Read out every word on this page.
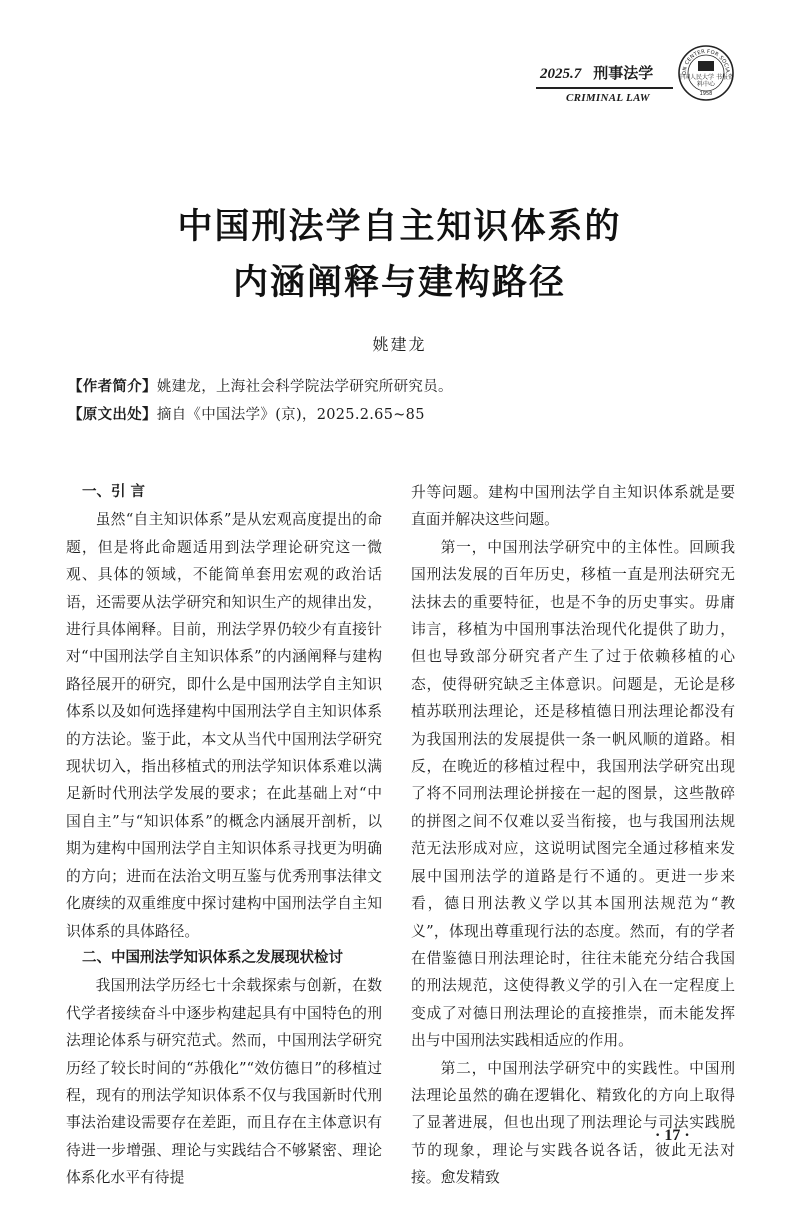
2025.7 刑事法学
CRIMINAL LAW
ON CENTER FOR SOCIA
1958
中国人民大学 书报资料中心
中国刑法学自主知识体系的
内涵阐释与建构路径
姚建龙
【作者简介】姚建龙，上海社会科学院法学研究所研究员。
【原文出处】摘自《中国法学》(京)，2025.2.65~85
一、引 言

虽然“自主知识体系”是从宏观高度提出的命题，但是将此命题适用到法学理论研究这一微观、具体的领域，不能简单套用宏观的政治话语，还需要从法学研究和知识生产的规律出发，进行具体阐释。目前，刑法学界仍较少有直接针对“中国刑法学自主知识体系”的内涵阐释与建构路径展开的研究，即什么是中国刑法学自主知识体系以及如何选择建构中国刑法学自主知识体系的方法论。鉴于此，本文从当代中国刑法学研究现状切入，指出移植式的刑法学知识体系难以满足新时代刑法学发展的要求；在此基础上对“中国自主”与“知识体系”的概念内涵展开剖析，以期为建构中国刑法学自主知识体系寻找更为明确的方向；进而在法治文明互鉴与优秀刑事法律文化赓续的双重维度中探讨建构中国刑法学自主知识体系的具体路径。

二、中国刑法学知识体系之发展现状检讨

我国刑法学历经七十余载探索与创新，在数代学者接续奋斗中逐步构建起具有中国特色的刑法理论体系与研究范式。然而，中国刑法学研究历经了较长时间的“苏俄化”“效仿德日”的移植过程，现有的刑法学知识体系不仅与我国新时代刑事法治建设需要存在差距，而且存在主体意识有待进一步增强、理论与实践结合不够紧密、理论体系化水平有待提

升等问题。建构中国刑法学自主知识体系就是要直面并解决这些问题。

第一，中国刑法学研究中的主体性。回顾我国刑法发展的百年历史，移植一直是刑法研究无法抹去的重要特征，也是不争的历史事实。毋庸讳言，移植为中国刑事法治现代化提供了助力，但也导致部分研究者产生了过于依赖移植的心态，使得研究缺乏主体意识。问题是，无论是移植苏联刑法理论，还是移植德日刑法理论都没有为我国刑法的发展提供一条一帆风顺的道路。相反，在晚近的移植过程中，我国刑法学研究出现了将不同刑法理论拼接在一起的图景，这些散碎的拼图之间不仅难以妥当衔接，也与我国刑法规范无法形成对应，这说明试图完全通过移植来发展中国刑法学的道路是行不通的。更进一步来看，德日刑法教义学以其本国刑法规范为“教义”，体现出尊重现行法的态度。然而，有的学者在借鉴德日刑法理论时，往往未能充分结合我国的刑法规范，这使得教义学的引入在一定程度上变成了对德日刑法理论的直接推崇，而未能发挥出与中国刑法实践相适应的作用。

第二，中国刑法学研究中的实践性。中国刑法理论虽然的确在逻辑化、精致化的方向上取得了显著进展，但也出现了刑法理论与司法实践脱节的现象，理论与实践各说各话，彼此无法对接。愈发精致

· 17 ·
